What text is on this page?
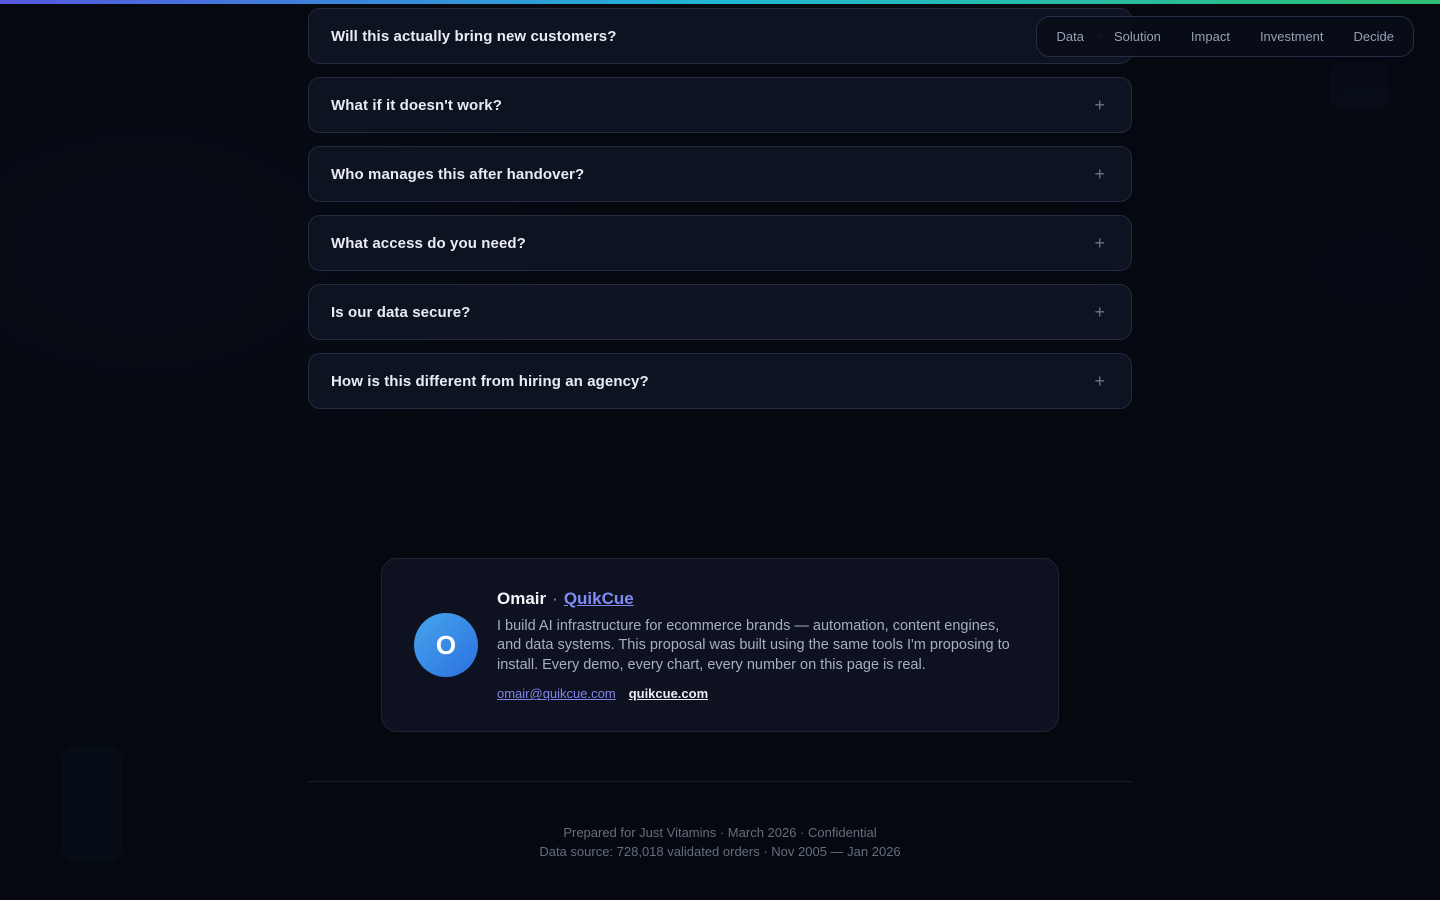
Will this actually bring new customers?
What if it doesn't work?	+
Who manages this after handover?	+
What access do you need?	+
Is our data secure?	+
How is this different from hiring an agency?	+
O
Omair · QuikCue

I build AI infrastructure for ecommerce brands — automation, content engines, and data systems. This proposal was built using the same tools I'm proposing to install. Every demo, every chart, every number on this page is real.

omair@quikcue.com quikcue.com
Prepared for Just Vitamins · March 2026 · Confidential
Data source: 728,018 validated orders · Nov 2005 — Jan 2026
Data Solution Impact Investment Decide
